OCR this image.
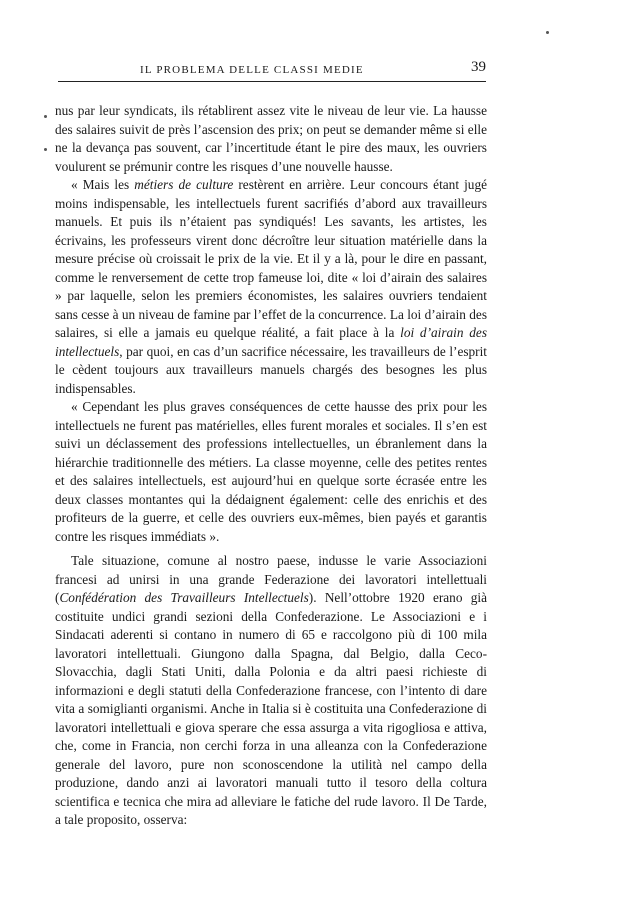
IL PROBLEMA DELLE CLASSI MEDIE	39

nus par leur syndicats, ils rétablirent assez vite le niveau de leur vie. La hausse des salaires suivit de près l’ascension des prix; on peut se demander même si elle ne la devança pas souvent, car l’incertitude étant le pire des maux, les ouvriers voulurent se prémunir contre les risques d’une nouvelle hausse.

« Mais les métiers de culture restèrent en arrière. Leur concours étant jugé moins indispensable, les intellectuels furent sacrifiés d’abord aux travailleurs manuels. Et puis ils n’étaient pas syndiqués! Les savants, les artistes, les écrivains, les professeurs virent donc décroître leur situation matérielle dans la mesure précise où croissait le prix de la vie. Et il y a là, pour le dire en passant, comme le renversement de cette trop fameuse loi, dite « loi d’airain des salaires » par laquelle, selon les premiers économistes, les salaires ouvriers tendaient sans cesse à un niveau de famine par l’effet de la concurrence. La loi d’airain des salaires, si elle a jamais eu quelque réalité, a fait place à la loi d’airain des intellectuels, par quoi, en cas d’un sacrifice nécessaire, les travailleurs de l’esprit le cèdent toujours aux travailleurs manuels chargés des besognes les plus indispensables.

« Cependant les plus graves conséquences de cette hausse des prix pour les intellectuels ne furent pas matérielles, elles furent morales et sociales. Il s’en est suivi un déclassement des professions intellectuelles, un ébranlement dans la hiérarchie traditionnelle des métiers. La classe moyenne, celle des petites rentes et des salaires intellectuels, est aujourd’hui en quelque sorte écrasée entre les deux classes montantes qui la dédaignent également: celle des enrichis et des profiteurs de la guerre, et celle des ouvriers eux-mêmes, bien payés et garantis contre les risques immédiats ».

Tale situazione, comune al nostro paese, indusse le varie Associazioni francesi ad unirsi in una grande Federazione dei lavoratori intellettuali (Confédération des Travailleurs Intellectuels). Nell’ottobre 1920 erano già costituite undici grandi sezioni della Confederazione. Le Associazioni e i Sindacati aderenti si contano in numero di 65 e raccolgono più di 100 mila lavoratori intellettuali. Giungono dalla Spagna, dal Belgio, dalla Ceco-Slovacchia, dagli Stati Uniti, dalla Polonia e da altri paesi richieste di informazioni e degli statuti della Confederazione francese, con l’intento di dare vita a somiglianti organismi. Anche in Italia si è costituita una Confederazione di lavoratori intellettuali e giova sperare che essa assurga a vita rigogliosa e attiva, che, come in Francia, non cerchi forza in una alleanza con la Confederazione generale del lavoro, pure non sconoscendone la utilità nel campo della produzione, dando anzi ai lavoratori manuali tutto il tesoro della coltura scientifica e tecnica che mira ad alleviare le fatiche del rude lavoro. Il De Tarde, a tale proposito, osserva:
